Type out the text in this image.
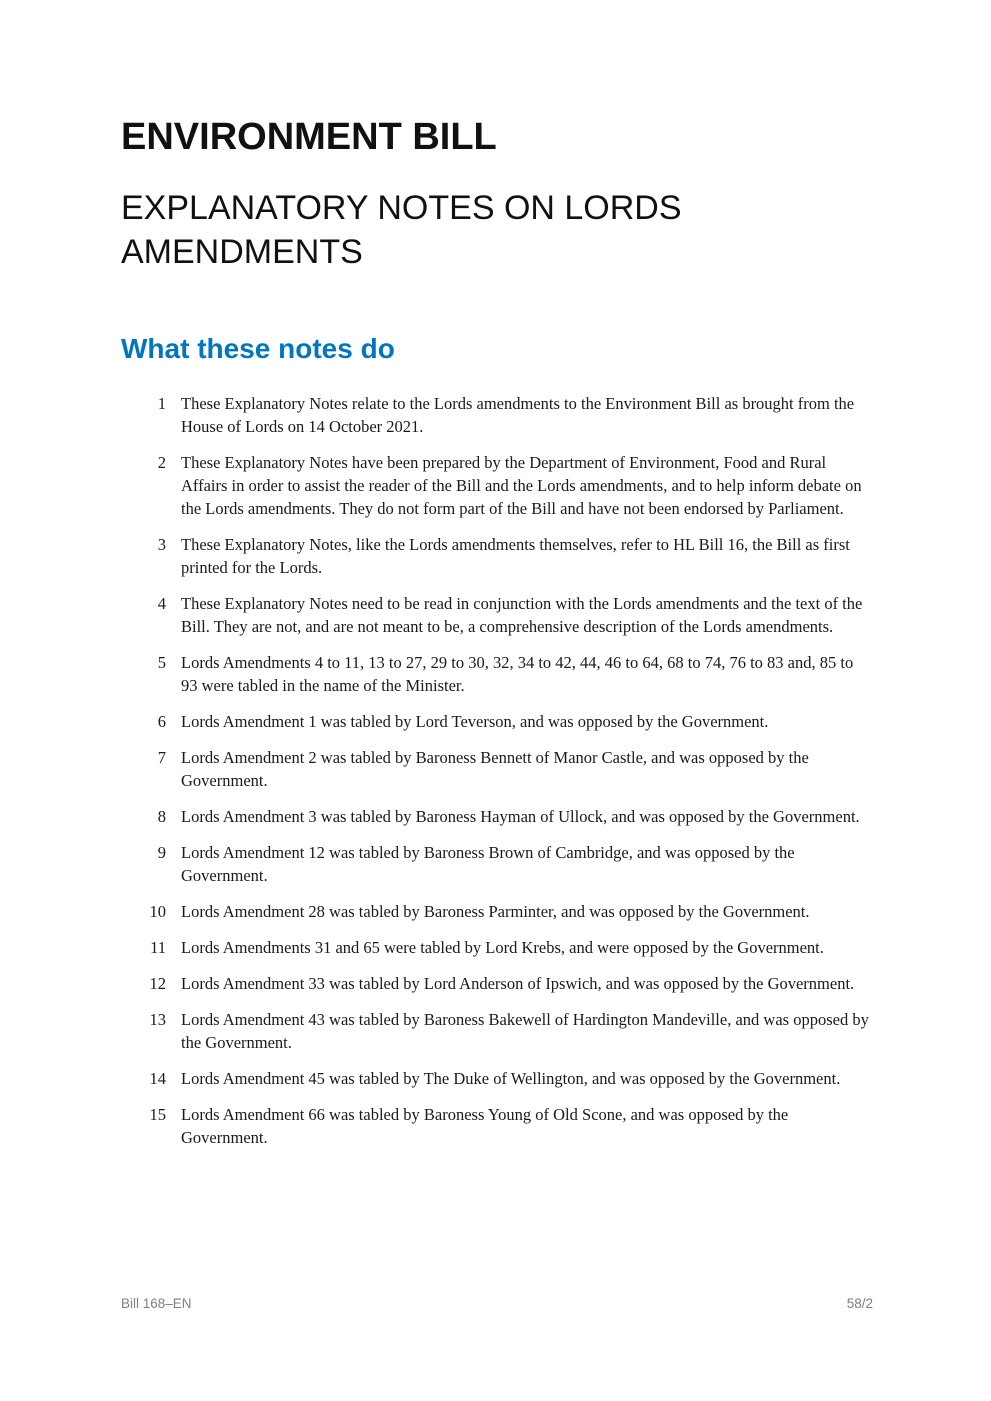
ENVIRONMENT BILL
EXPLANATORY NOTES ON LORDS AMENDMENTS
What these notes do
1 These Explanatory Notes relate to the Lords amendments to the Environment Bill as brought from the House of Lords on 14 October 2021.
2 These Explanatory Notes have been prepared by the Department of Environment, Food and Rural Affairs in order to assist the reader of the Bill and the Lords amendments, and to help inform debate on the Lords amendments. They do not form part of the Bill and have not been endorsed by Parliament.
3 These Explanatory Notes, like the Lords amendments themselves, refer to HL Bill 16, the Bill as first printed for the Lords.
4 These Explanatory Notes need to be read in conjunction with the Lords amendments and the text of the Bill. They are not, and are not meant to be, a comprehensive description of the Lords amendments.
5 Lords Amendments 4 to 11, 13 to 27, 29 to 30, 32, 34 to 42, 44, 46 to 64, 68 to 74, 76 to 83 and, 85 to 93 were tabled in the name of the Minister.
6 Lords Amendment 1 was tabled by Lord Teverson, and was opposed by the Government.
7 Lords Amendment 2 was tabled by Baroness Bennett of Manor Castle, and was opposed by the Government.
8 Lords Amendment 3 was tabled by Baroness Hayman of Ullock, and was opposed by the Government.
9 Lords Amendment 12 was tabled by Baroness Brown of Cambridge, and was opposed by the Government.
10 Lords Amendment 28 was tabled by Baroness Parminter, and was opposed by the Government.
11 Lords Amendments 31 and 65 were tabled by Lord Krebs, and were opposed by the Government.
12 Lords Amendment 33 was tabled by Lord Anderson of Ipswich, and was opposed by the Government.
13 Lords Amendment 43 was tabled by Baroness Bakewell of Hardington Mandeville, and was opposed by the Government.
14 Lords Amendment 45 was tabled by The Duke of Wellington, and was opposed by the Government.
15 Lords Amendment 66 was tabled by Baroness Young of Old Scone, and was opposed by the Government.
Bill 168–EN	58/2
